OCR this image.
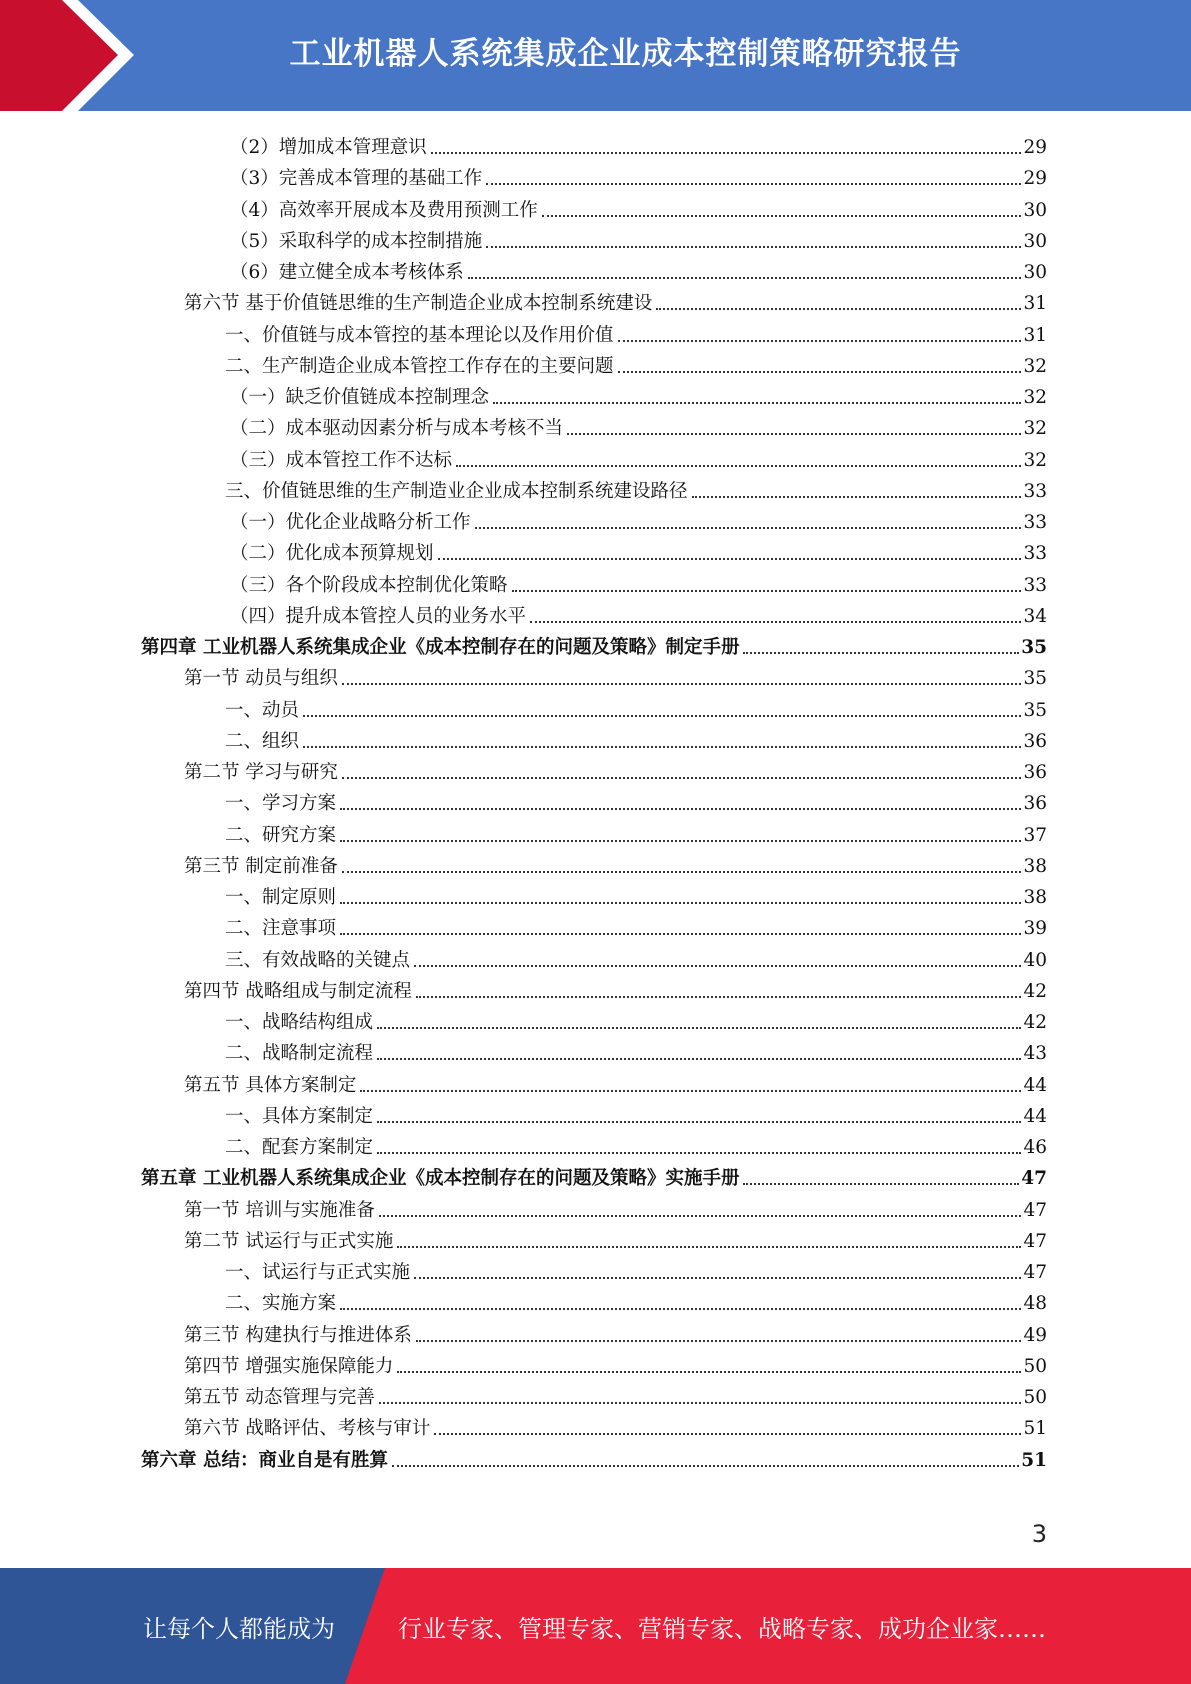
工业机器人系统集成企业成本控制策略研究报告
（2）增加成本管理意识	29
（3）完善成本管理的基础工作	29
（4）高效率开展成本及费用预测工作	30
（5）采取科学的成本控制措施	30
（6）建立健全成本考核体系	30
第六节 基于价值链思维的生产制造企业成本控制系统建设	31
一、价值链与成本管控的基本理论以及作用价值	31
二、生产制造企业成本管控工作存在的主要问题	32
（一）缺乏价值链成本控制理念	32
（二）成本驱动因素分析与成本考核不当	32
（三）成本管控工作不达标	32
三、价值链思维的生产制造业企业成本控制系统建设路径	33
（一）优化企业战略分析工作	33
（二）优化成本预算规划	33
（三）各个阶段成本控制优化策略	33
（四）提升成本管控人员的业务水平	34
第四章 工业机器人系统集成企业《成本控制存在的问题及策略》制定手册	35
第一节 动员与组织	35
一、动员	35
二、组织	36
第二节 学习与研究	36
一、学习方案	36
二、研究方案	37
第三节 制定前准备	38
一、制定原则	38
二、注意事项	39
三、有效战略的关键点	40
第四节 战略组成与制定流程	42
一、战略结构组成	42
二、战略制定流程	43
第五节 具体方案制定	44
一、具体方案制定	44
二、配套方案制定	46
第五章 工业机器人系统集成企业《成本控制存在的问题及策略》实施手册	47
第一节 培训与实施准备	47
第二节 试运行与正式实施	47
一、试运行与正式实施	47
二、实施方案	48
第三节 构建执行与推进体系	49
第四节 增强实施保障能力	50
第五节 动态管理与完善	50
第六节 战略评估、考核与审计	51
第六章 总结：商业自是有胜算	51
3
让每个人都能成为	行业专家、管理专家、营销专家、战略专家、成功企业家……
